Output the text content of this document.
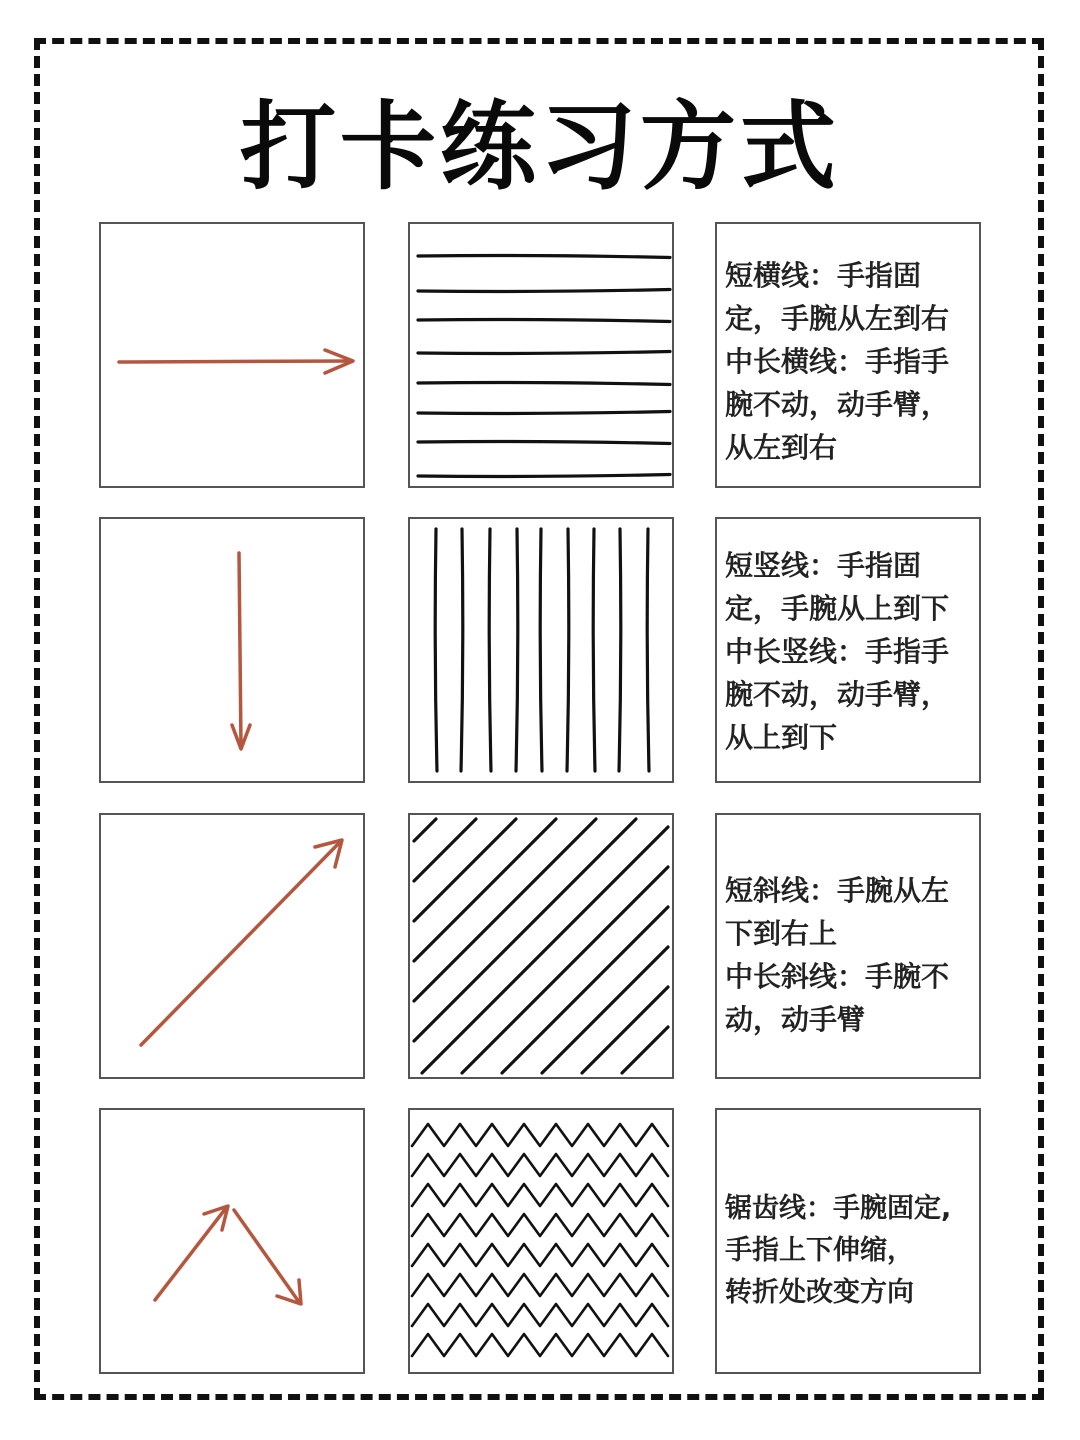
打卡练习方式
短横线：手指固
定，手腕从左到右
中长横线：手指手
腕不动，动手臂，
从左到右
短竖线：手指固
定，手腕从上到下
中长竖线：手指手
腕不动，动手臂，
从上到下
短斜线：手腕从左
下到右上
中长斜线：手腕不
动，动手臂
锯齿线：手腕固定,
手指上下伸缩，
转折处改变方向
